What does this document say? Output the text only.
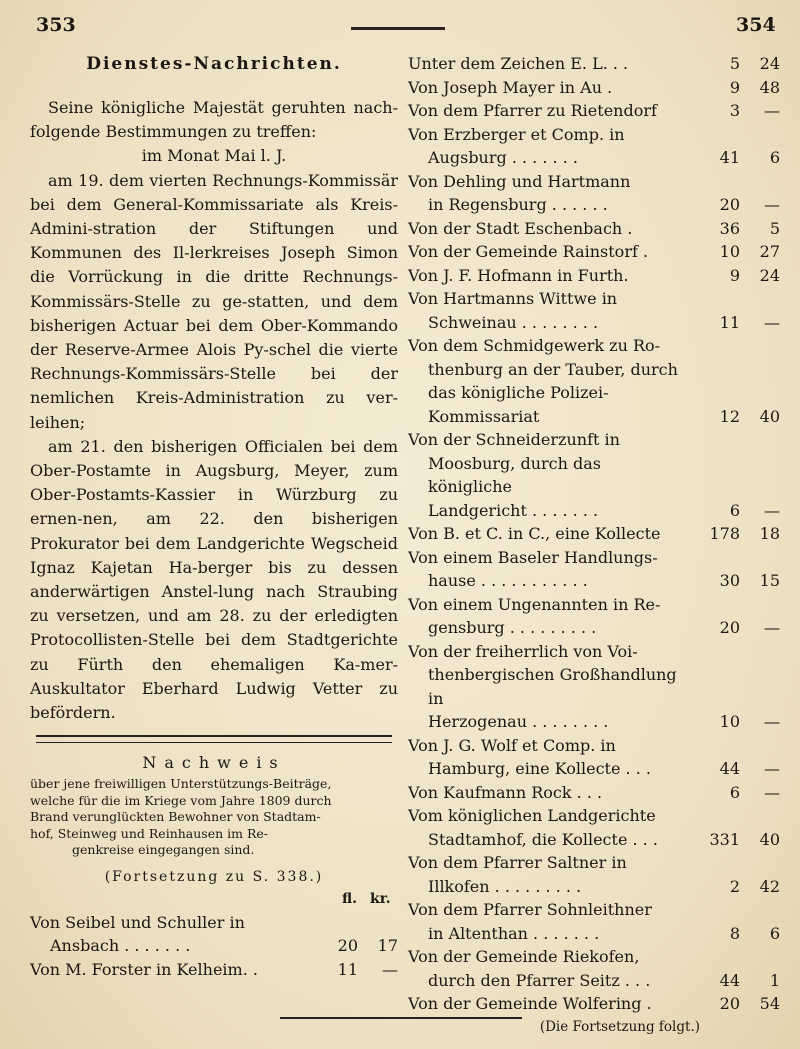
353	354
Dienstes-Nachrichten.

Seine königliche Majestät geruhten nach-folgende Bestimmungen zu treffen:

im Monat Mai l. J.

am 19. dem vierten Rechnungs-Kommissär bei dem General-Kommissariate als Kreis-Admini-stration der Stiftungen und Kommunen des Il-lerkreises Joseph Simon die Vorrückung in die dritte Rechnungs-Kommissärs-Stelle zu ge-statten, und dem bisherigen Actuar bei dem Ober-Kommando der Reserve-Armee Alois Py-schel die vierte Rechnungs-Kommissärs-Stelle bei der nemlichen Kreis-Administration zu ver-leihen;

am 21. den bisherigen Officialen bei dem Ober-Postamte in Augsburg, Meyer, zum Ober-Postamts-Kassier in Würzburg zu ernen-nen, am 22. den bisherigen Prokurator bei dem Landgerichte Wegscheid Ignaz Kajetan Ha-berger bis zu dessen anderwärtigen Anstel-lung nach Straubing zu versetzen, und am 28. zu der erledigten Protocollisten-Stelle bei dem Stadtgerichte zu Fürth den ehemaligen Ka-mer-Auskultator Eberhard Ludwig Vetter zu befördern.

Nachweis

über jene freiwilligen Unterstützungs-Beiträge,

welche für die im Kriege vom Jahre 1809 durch

Brand verunglückten Bewohner von Stadtam-

hof, Steinweg und Reinhausen im Re-

genkreise eingegangen sind.

(Fortsetzung zu S. 338.)
fl. kr.
Von Seibel und Schuller in

Ansbach . . . . . . .	20	17
Von M. Forster in Kelheim. .	11	—
Unter dem Zeichen E. L. . .	5	24
Von Joseph Mayer in Au .	9	48
Von dem Pfarrer zu Rietendorf	3	—
Von Erzberger et Comp. in

Augsburg . . . . . . .	41	6
Von Dehling und Hartmann

in Regensburg . . . . . .	20	—
Von der Stadt Eschenbach .	36	5
Von der Gemeinde Rainstorf .	10	27
Von J. F. Hofmann in Furth.	9	24
Von Hartmanns Wittwe in

Schweinau . . . . . . . .	11	—
Von dem Schmidgewerk zu Ro-

thenburg an der Tauber, durch
das königliche Polizei-Kommissariat	12	40
Von der Schneiderzunft in

Moosburg, durch das königliche
Landgericht . . . . . . .	6	—
Von B. et C. in C., eine Kollecte	178	18
Von einem Baseler Handlungs-

hause . . . . . . . . . . .	30	15
Von einem Ungenannten in Re-

gensburg . . . . . . . . .	20	—
Von der freiherrlich von Voi-

thenbergischen Großhandlung in
Herzogenau . . . . . . . .	10	—
Von J. G. Wolf et Comp. in

Hamburg, eine Kollecte . . .	44	—
Von Kaufmann Rock . . .	6	—
Vom königlichen Landgerichte

Stadtamhof, die Kollecte . . .	331	40
Von dem Pfarrer Saltner in

Illkofen . . . . . . . . .	2	42
Von dem Pfarrer Sohnleithner

in Altenthan . . . . . . .	8	6
Von der Gemeinde Riekofen,

durch den Pfarrer Seitz . . .	44	1
Von der Gemeinde Wolfering .	20	54
(Die Fortsetzung folgt.)
